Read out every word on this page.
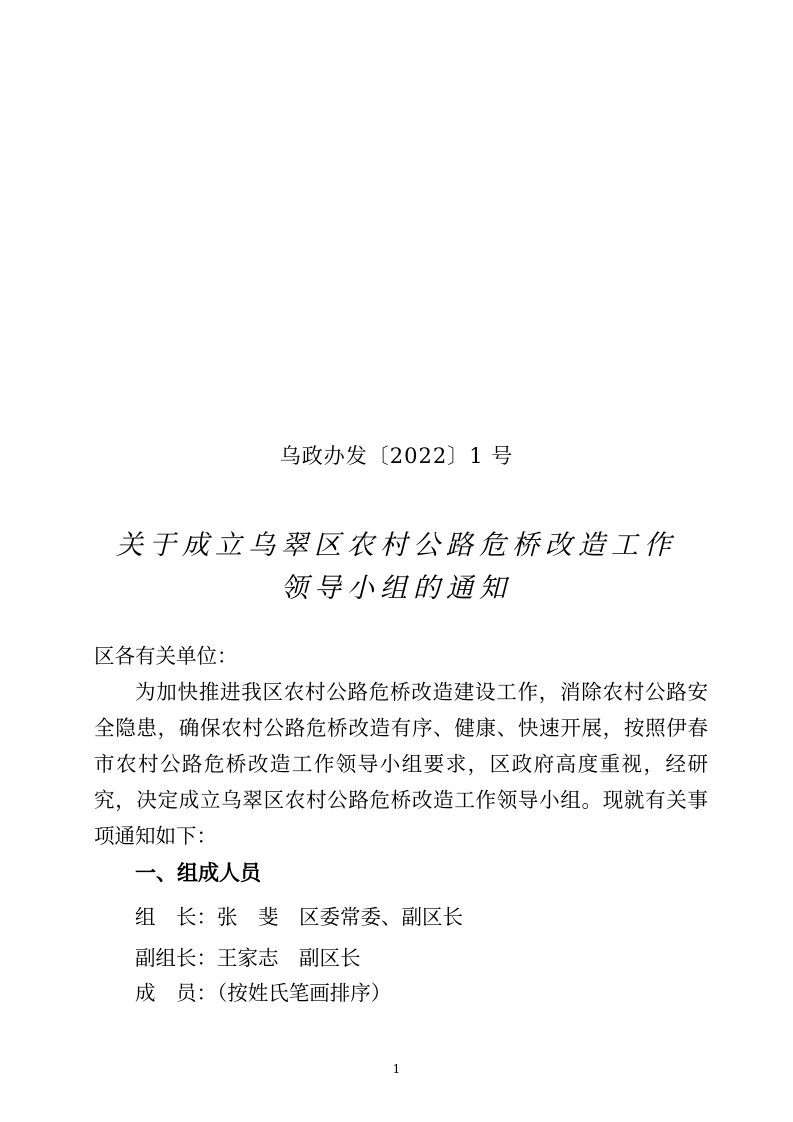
乌政办发〔2022〕1 号
关于成立乌翠区农村公路危桥改造工作
领导小组的通知
区各有关单位：
为加快推进我区农村公路危桥改造建设工作，消除农村公路安全隐患，确保农村公路危桥改造有序、健康、快速开展，按照伊春市农村公路危桥改造工作领导小组要求，区政府高度重视，经研究，决定成立乌翠区农村公路危桥改造工作领导小组。现就有关事项通知如下：
一、组成人员
组　长：张　斐　区委常委、副区长
副组长：王家志　副区长
成　员：（按姓氏笔画排序）
1
